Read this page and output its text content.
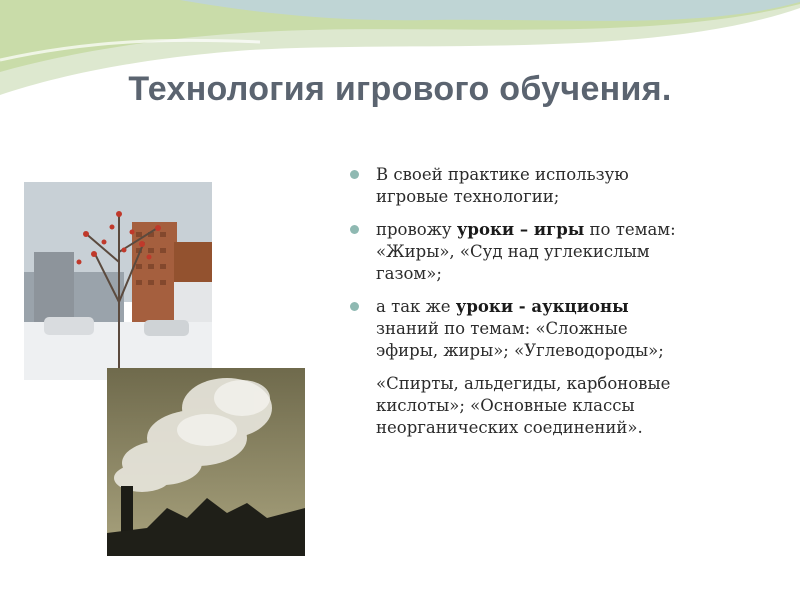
Технология игрового обучения.
В своей практике использую игровые технологии;
провожу уроки – игры по темам: «Жиры», «Суд над углекислым газом»;
а так же уроки - аукционы знаний по темам: «Сложные эфиры, жиры»; «Углеводороды»;
«Спирты, альдегиды, карбоновые кислоты»; «Основные классы неорганических соединений».
